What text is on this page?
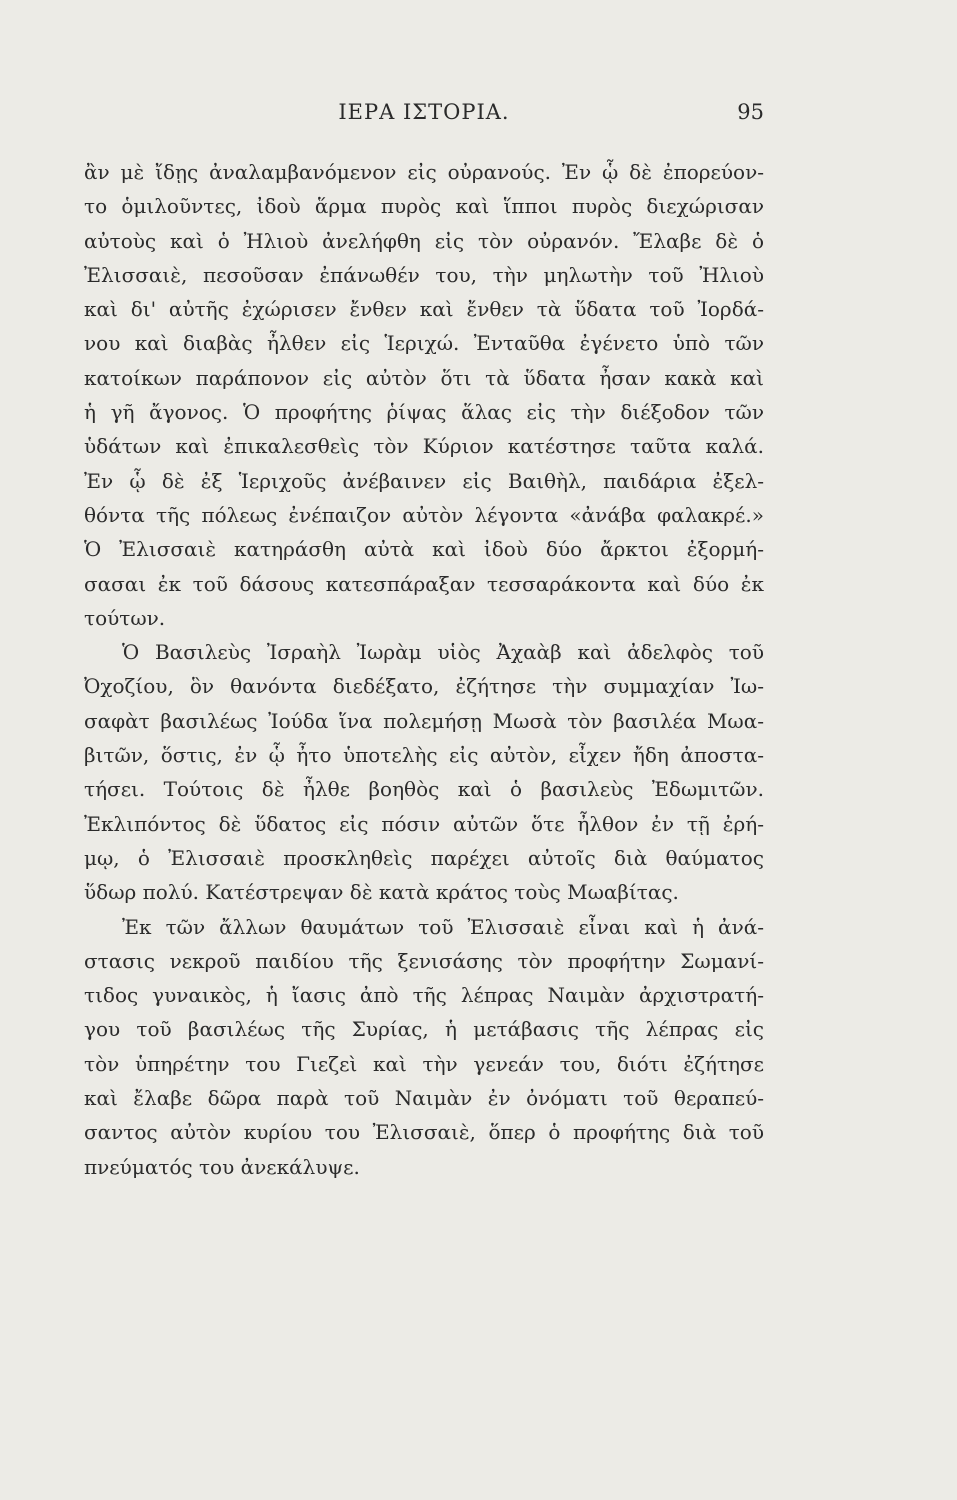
ΙΕΡΑ ΙΣΤΟΡΙΑ.	95
ἂν μὲ ἴδῃς ἀναλαμβανόμενον εἰς οὐρανούς. Ἐν ᾧ δὲ ἐπορεύον-
το ὁμιλοῦντες, ἰδοὺ ἅρμα πυρὸς καὶ ἵπποι πυρὸς διεχώρισαν
αὐτοὺς καὶ ὁ Ἠλιοὺ ἀνελήφθη εἰς τὸν οὐρανόν. Ἔλαβε δὲ ὁ
Ἐλισσαιὲ, πεσοῦσαν ἐπάνωθέν του, τὴν μηλωτὴν τοῦ Ἠλιοὺ
καὶ δι' αὐτῆς ἐχώρισεν ἔνθεν καὶ ἔνθεν τὰ ὕδατα τοῦ Ἰορδά-
νου καὶ διαβὰς ἦλθεν εἰς Ἱεριχώ. Ἐνταῦθα ἐγένετο ὑπὸ τῶν
κατοίκων παράπονον εἰς αὐτὸν ὅτι τὰ ὕδατα ἦσαν κακὰ καὶ
ἡ γῆ ἄγονος. Ὁ προφήτης ῥίψας ἅλας εἰς τὴν διέξοδον τῶν
ὑδάτων καὶ ἐπικαλεσθεὶς τὸν Κύριον κατέστησε ταῦτα καλά.
Ἐν ᾧ δὲ ἐξ Ἱεριχοῦς ἀνέβαινεν εἰς Βαιθὴλ, παιδάρια ἐξελ-
θόντα τῆς πόλεως ἐνέπαιζον αὐτὸν λέγοντα «ἀνάβα φαλακρέ.»
Ὁ Ἐλισσαιὲ κατηράσθη αὐτὰ καὶ ἰδοὺ δύο ἄρκτοι ἐξορμή-
σασαι ἐκ τοῦ δάσους κατεσπάραξαν τεσσαράκοντα καὶ δύο ἐκ
τούτων.
Ὁ Βασιλεὺς Ἰσραὴλ Ἰωρὰμ υἱὸς Ἀχαὰβ καὶ ἀδελφὸς τοῦ
Ὀχοζίου, ὃν θανόντα διεδέξατο, ἐζήτησε τὴν συμμαχίαν Ἰω-
σαφὰτ βασιλέως Ἰούδα ἵνα πολεμήσῃ Μωσὰ τὸν βασιλέα Μωα-
βιτῶν, ὅστις, ἐν ᾧ ἦτο ὑποτελὴς εἰς αὐτὸν, εἶχεν ἤδη ἀποστα-
τήσει. Τούτοις δὲ ἦλθε βοηθὸς καὶ ὁ βασιλεὺς Ἐδωμιτῶν.
Ἐκλιπόντος δὲ ὕδατος εἰς πόσιν αὐτῶν ὅτε ἦλθον ἐν τῇ ἐρή-
μῳ, ὁ Ἐλισσαιὲ προσκληθεὶς παρέχει αὐτοῖς διὰ θαύματος
ὕδωρ πολύ. Κατέστρεψαν δὲ κατὰ κράτος τοὺς Μωαβίτας.
Ἐκ τῶν ἄλλων θαυμάτων τοῦ Ἐλισσαιὲ εἶναι καὶ ἡ ἀνά-
στασις νεκροῦ παιδίου τῆς ξενισάσης τὸν προφήτην Σωμανί-
τιδος γυναικὸς, ἡ ἴασις ἀπὸ τῆς λέπρας Ναιμὰν ἀρχιστρατή-
γου τοῦ βασιλέως τῆς Συρίας, ἡ μετάβασις τῆς λέπρας εἰς
τὸν ὑπηρέτην του Γιεζεὶ καὶ τὴν γενεάν του, διότι ἐζήτησε
καὶ ἔλαβε δῶρα παρὰ τοῦ Ναιμὰν ἐν ὀνόματι τοῦ θεραπεύ-
σαντος αὐτὸν κυρίου του Ἐλισσαιὲ, ὅπερ ὁ προφήτης διὰ τοῦ
πνεύματός του ἀνεκάλυψε.
